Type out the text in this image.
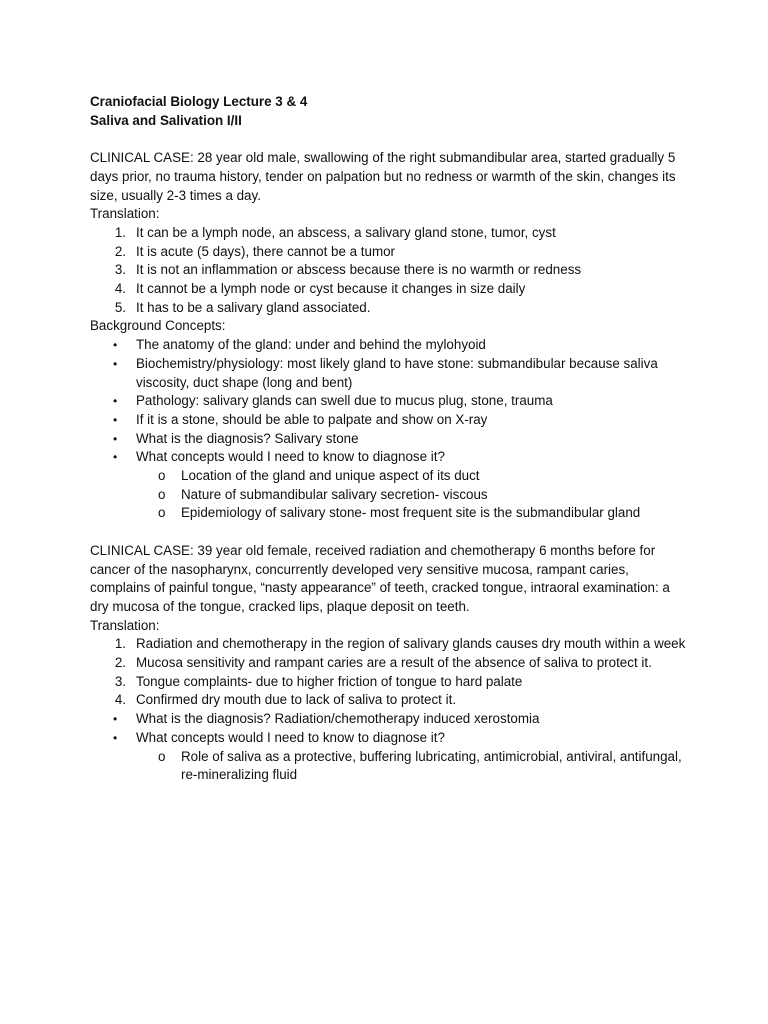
Craniofacial Biology Lecture 3 & 4

Saliva and Salivation I/II

CLINICAL CASE: 28 year old male, swallowing of the right submandibular area, started gradually 5 days prior, no trauma history, tender on palpation but no redness or warmth of the skin, changes its size, usually 2-3 times a day.

Translation:

1. It can be a lymph node, an abscess, a salivary gland stone, tumor, cyst
2. It is acute (5 days), there cannot be a tumor
3. It is not an inflammation or abscess because there is no warmth or redness
4. It cannot be a lymph node or cyst because it changes in size daily
5. It has to be a salivary gland associated.

Background Concepts:

• The anatomy of the gland: under and behind the mylohyoid
• Biochemistry/physiology: most likely gland to have stone: submandibular because saliva viscosity, duct shape (long and bent)
• Pathology: salivary glands can swell due to mucus plug, stone, trauma
• If it is a stone, should be able to palpate and show on X-ray
• What is the diagnosis? Salivary stone
• What concepts would I need to know to diagnose it?
o Location of the gland and unique aspect of its duct
o Nature of submandibular salivary secretion- viscous
o Epidemiology of salivary stone- most frequent site is the submandibular gland

CLINICAL CASE: 39 year old female, received radiation and chemotherapy 6 months before for cancer of the nasopharynx, concurrently developed very sensitive mucosa, rampant caries, complains of painful tongue, “nasty appearance” of teeth, cracked tongue, intraoral examination: a dry mucosa of the tongue, cracked lips, plaque deposit on teeth.

Translation:

1. Radiation and chemotherapy in the region of salivary glands causes dry mouth within a week
2. Mucosa sensitivity and rampant caries are a result of the absence of saliva to protect it.
3. Tongue complaints- due to higher friction of tongue to hard palate
4. Confirmed dry mouth due to lack of saliva to protect it.
• What is the diagnosis? Radiation/chemotherapy induced xerostomia
• What concepts would I need to know to diagnose it?
o Role of saliva as a protective, buffering lubricating, antimicrobial, antiviral, antifungal, re-mineralizing fluid
